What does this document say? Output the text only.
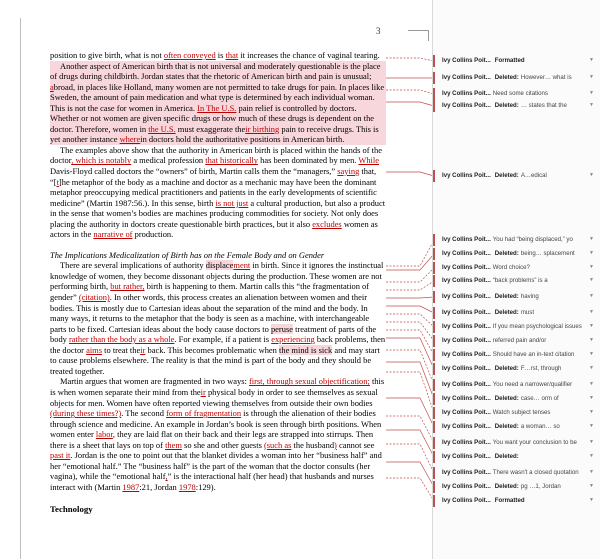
3

position to give birth, what is not often conveyed is that it increases the chance of vaginal tearing.

Another aspect of American birth that is not universal and moderately questionable is the place of drugs during childbirth. Jordan states that the rhetoric of American birth and pain is unusual; abroad, in places like Holland, many women are not permitted to take drugs for pain. In places like Sweden, the amount of pain medication and what type is determined by each individual woman. This is not the case for women in America. In The U.S. pain relief is controlled by doctors. Whether or not women are given specific drugs or how much of these drugs is dependent on the doctor. Therefore, women in the U.S. must exaggerate their birthing pain to receive drugs. This is yet another instance wherein doctors hold the authoritative positions in American birth.

The examples above show that the authority in American birth is placed within the hands of the doctor, which is notably a medical profession that historically has been dominated by men. While Davis-Floyd called doctors the “owners” of birth, Martin calls them the “managers,” saying that, “[t]he metaphor of the body as a machine and doctor as a mechanic may have been the dominant metaphor preoccupying medical practitioners and patients in the early developments of scientific medicine” (Martin 1987:56.). In this sense, birth is not just a cultural production, but also a product in the sense that women’s bodies are machines producing commodities for society. Not only does placing the authority in doctors create questionable birth practices, but it also excludes women as actors in the narrative of production.

The Implications Medicalization of Birth has on the Female Body and on Gender

There are several implications of authority displacement in birth. Since it ignores the instinctual knowledge of women, they become dissonant objects during the production. These women are not performing birth, but rather, birth is happening to them. Martin calls this “the fragmentation of gender” (citation). In other words, this process creates an alienation between women and their bodies. This is mostly due to Cartesian ideas about the separation of the mind and the body. In many ways, it returns to the metaphor that the body is seen as a machine, with interchangeable parts to be fixed. Cartesian ideas about the body cause doctors to peruse treatment of parts of the body rather than the body as a whole. For example, if a patient is experiencing back problems, then the doctor aims to treat their back. This becomes problematic when the mind is sick and may start to cause problems elsewhere. The reality is that the mind is part of the body and they should be treated together.

Martin argues that women are fragmented in two ways: first, through sexual objectification; this is when women separate their mind from their physical body in order to see themselves as sexual objects for men. Women have often reported viewing themselves from outside their own bodies (during these times?). The second form of fragmentation is through the alienation of their bodies through science and medicine. An example in Jordan’s book is seen through birth positions. When women enter labor, they are laid flat on their back and their legs are strapped into stirrups. Then there is a sheet that lays on top of them so she and other guests (such as the husband) cannot see past it. Jordan is the one to point out that the blanket divides a woman into her “business half” and her “emotional half.” The “business half” is the part of the woman that the doctor consults (her vagina), while the “emotional half,” is the interactional half (her head) that husbands and nurses interact with (Martin 1987:21, Jordan 1978:129).

Technology

Ivy Collins Poit... Formatted	▼
Ivy Collins Poit... Deleted: However… what is	▼
Ivy Collins Poit... Need some citations	▼
Ivy Collins Poit... Deleted: … states that the	▼
Ivy Collins Poit... Deleted: A…edical	▼
Ivy Collins Poit... You had “being displaced,” yo	▼
Ivy Collins Poit... Deleted: being… splacement	▼
Ivy Collins Poit... Word choice?	▼
Ivy Collins Poit... “back problems” is a	▼
Ivy Collins Poit... Deleted: having	▼
Ivy Collins Poit... Deleted: must	▼
Ivy Collins Poit... If you mean psychological issues ▼
Ivy Collins Poit... referred pain and/or	▼
Ivy Collins Poit... Should have an in-text citation	▼
Ivy Collins Poit... Deleted: F…rst, through	▼
Ivy Collins Poit... You need a narrower/qualifier	▼
Ivy Collins Poit... Deleted: case… orm of	▼
Ivy Collins Poit... Watch subject tenses	▼
Ivy Collins Poit... Deleted: a woman… so	▼
Ivy Collins Poit... You want your conclusion to be ▼
Ivy Collins Poit... Deleted:	▼
Ivy Collins Poit... There wasn't a closed quotation ▼
Ivy Collins Poit... Deleted: pg …1, Jordan	▼
Ivy Collins Poit... Formatted	▼
